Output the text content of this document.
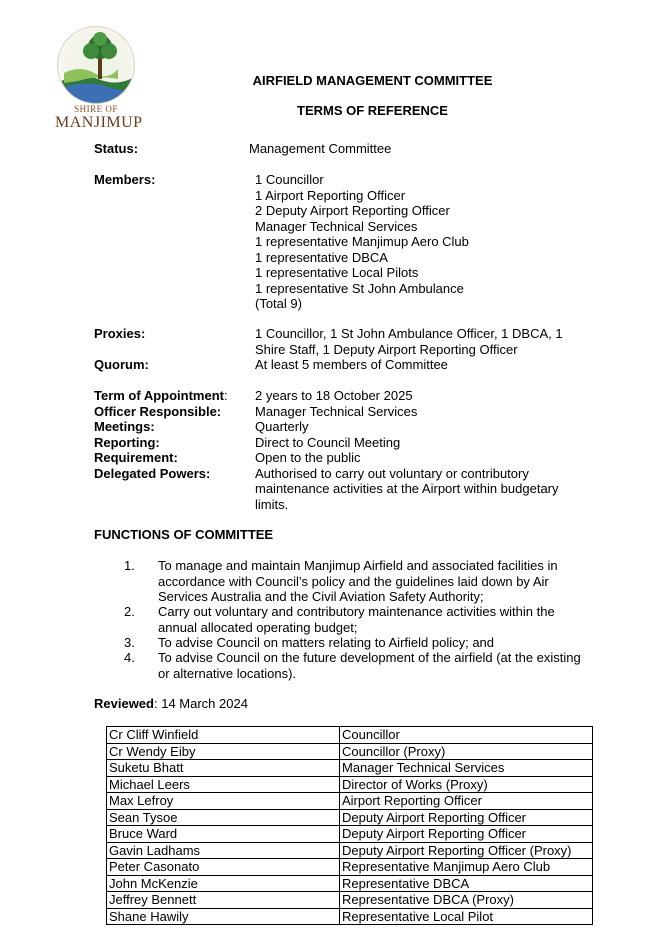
SHIRE OF
MANJIMUP
AIRFIELD MANAGEMENT COMMITTEE
TERMS OF REFERENCE
Status:	Management Committee
Members:	1 Councillor
1 Airport Reporting Officer
2 Deputy Airport Reporting Officer
Manager Technical Services
1 representative Manjimup Aero Club
1 representative DBCA
1 representative Local Pilots
1 representative St John Ambulance
(Total 9)
Proxies:	1 Councillor, 1 St John Ambulance Officer, 1 DBCA, 1
Shire Staff, 1 Deputy Airport Reporting Officer
Quorum:	At least 5 members of Committee
Term of Appointment: 2 years to 18 October 2025
Officer Responsible:	Manager Technical Services
Meetings:	Quarterly
Reporting:	Direct to Council Meeting
Requirement:	Open to the public
Delegated Powers:	Authorised to carry out voluntary or contributory
maintenance activities at the Airport within budgetary
limits.
FUNCTIONS OF COMMITTEE
1. To manage and maintain Manjimup Airfield and associated facilities in
accordance with Council’s policy and the guidelines laid down by Air
Services Australia and the Civil Aviation Safety Authority;
2. Carry out voluntary and contributory maintenance activities within the
annual allocated operating budget;
3. To advise Council on matters relating to Airfield policy; and
4. To advise Council on the future development of the airfield (at the existing
or alternative locations).
Reviewed: 14 March 2024
Cr Cliff Winfield	Councillor
Cr Wendy Eiby	Councillor (Proxy)
Suketu Bhatt	Manager Technical Services
Michael Leers	Director of Works (Proxy)
Max Lefroy	Airport Reporting Officer
Sean Tysoe	Deputy Airport Reporting Officer
Bruce Ward	Deputy Airport Reporting Officer
Gavin Ladhams	Deputy Airport Reporting Officer (Proxy)
Peter Casonato	Representative Manjimup Aero Club
John McKenzie	Representative DBCA
Jeffrey Bennett	Representative DBCA (Proxy)
Shane Hawily	Representative Local Pilot
